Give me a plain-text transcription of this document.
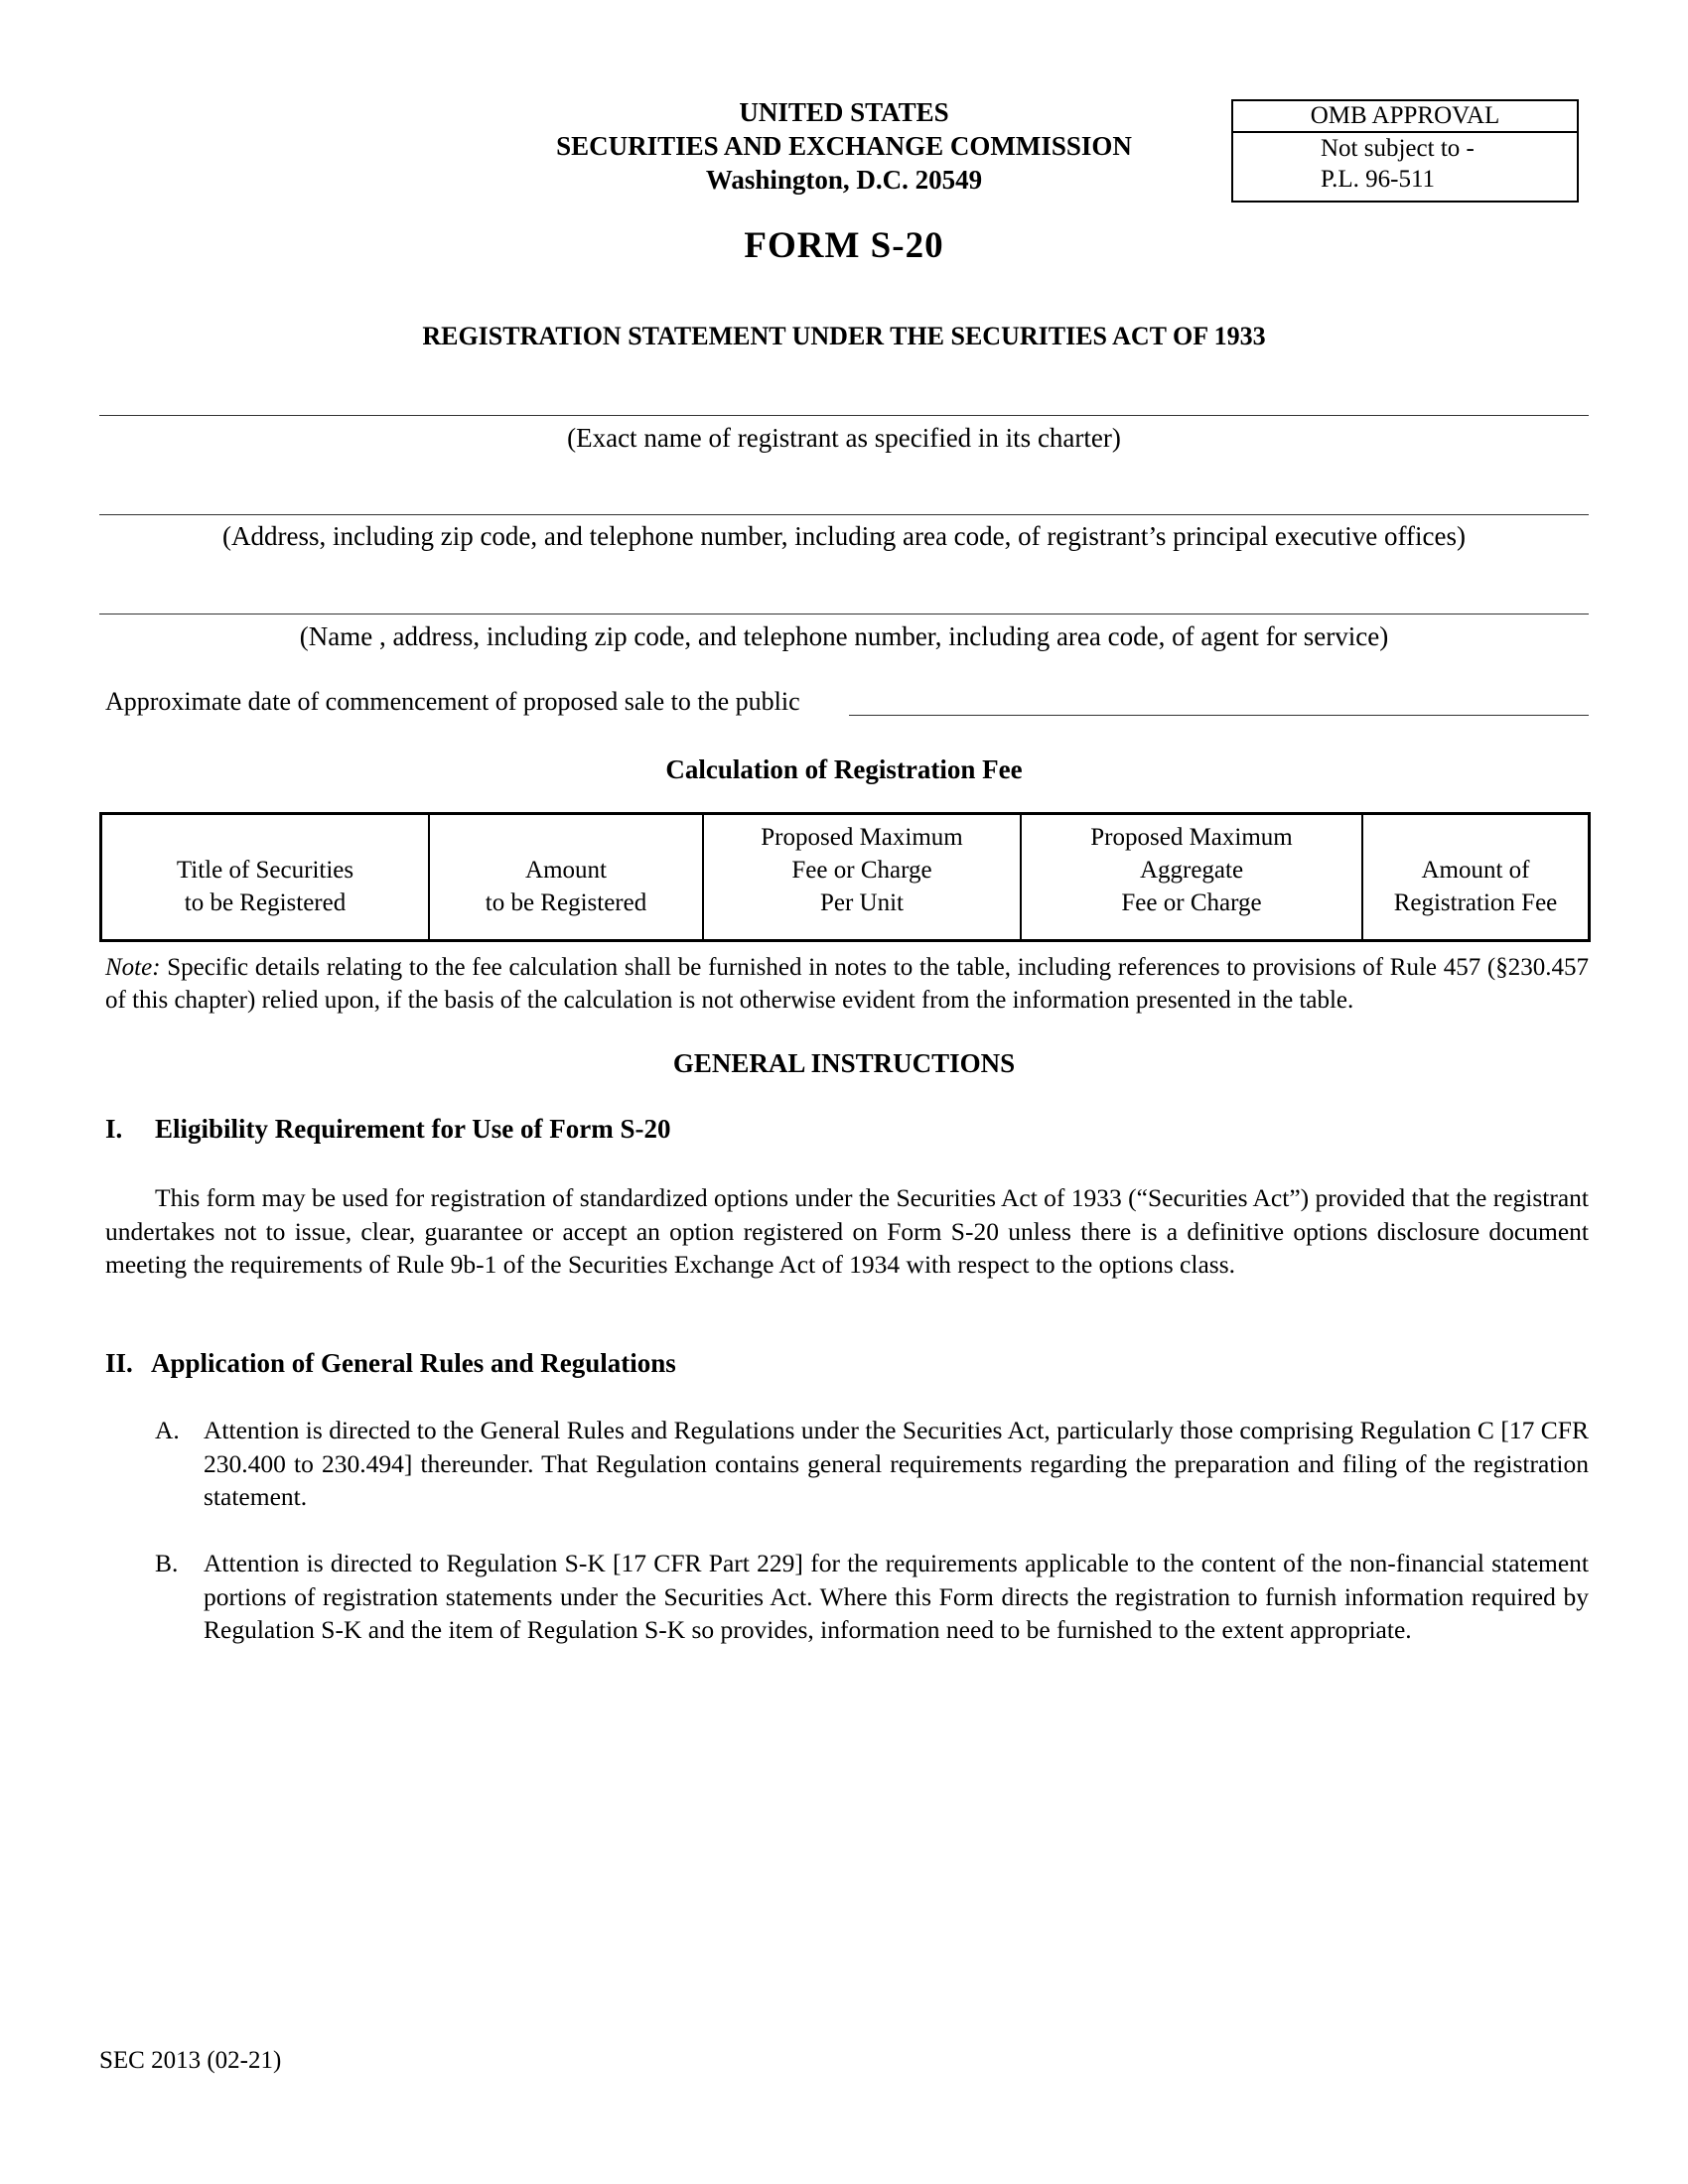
UNITED STATES
SECURITIES AND EXCHANGE COMMISSION
Washington, D.C. 20549
OMB APPROVAL
Not subject to -
P.L. 96-511
FORM S-20
REGISTRATION STATEMENT UNDER THE SECURITIES ACT OF 1933
(Exact name of registrant as specified in its charter)
(Address, including zip code, and telephone number, including area code, of registrant’s principal executive offices)
(Name , address, including zip code, and telephone number, including area code, of agent for service)
Approximate date of commencement of proposed sale to the public
Calculation of Registration Fee
Title of Securities
to be Registered

Amount
to be Registered

Proposed Maximum
Fee or Charge
Per Unit

Proposed Maximum
Aggregate
Fee or Charge

Amount of
Registration Fee
Note: Specific details relating to the fee calculation shall be furnished in notes to the table, including references to provisions of Rule 457 (§230.457 of this chapter) relied upon, if the basis of the calculation is not otherwise evident from the information presented in the table.
GENERAL INSTRUCTIONS
I. Eligibility Requirement for Use of Form S-20
This form may be used for registration of standardized options under the Securities Act of 1933 (“Securities Act”) provided that the registrant undertakes not to issue, clear, guarantee or accept an option registered on Form S-20 unless there is a definitive options disclosure document meeting the requirements of Rule 9b-1 of the Securities Exchange Act of 1934 with respect to the options class.
II. Application of General Rules and Regulations
A. Attention is directed to the General Rules and Regulations under the Securities Act, particularly those comprising Regulation C [17 CFR 230.400 to 230.494] thereunder. That Regulation contains general requirements regarding the preparation and filing of the registration statement.
B. Attention is directed to Regulation S-K [17 CFR Part 229] for the requirements applicable to the content of the non-financial statement portions of registration statements under the Securities Act. Where this Form directs the registration to furnish information required by Regulation S-K and the item of Regulation S-K so provides, information need to be furnished to the extent appropriate.
SEC 2013 (02-21)
